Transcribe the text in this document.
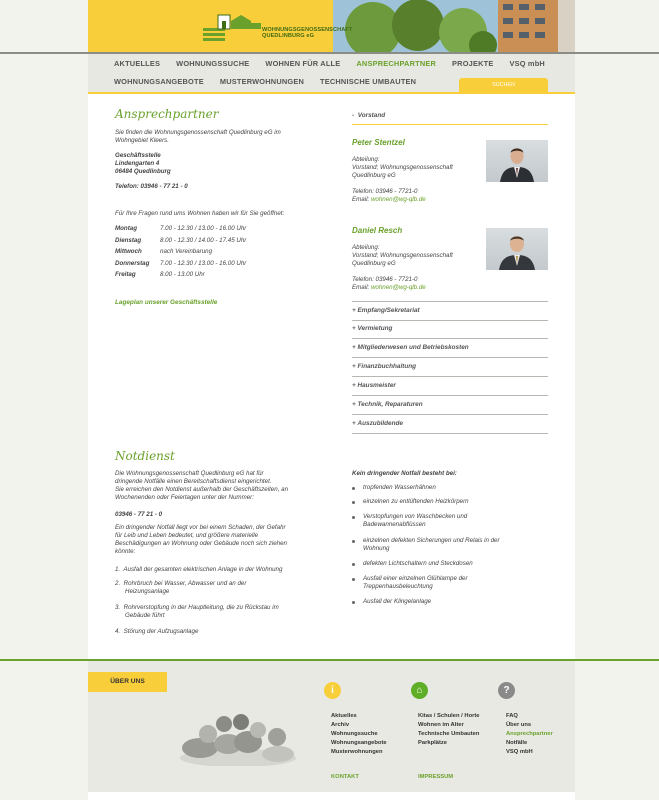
WOHNUNGSGENOSSENSCHAFT
QUEDLINBURG eG
AKTUELLES WOHNUNGSSUCHE WOHNEN FÜR ALLE ANSPRECHPARTNER PROJEKTE VSQ mbH
WOHNUNGSANGEBOTE MUSTERWOHNUNGEN TECHNISCHE UMBAUTEN	SUCHEN
Ansprechpartner
Sie finden die Wohnungsgenossenschaft Quedlinburg eG im Wohngebiet Kleers.
Geschäftsstelle
Lindengarten 4
06484 Quedlinburg
Telefon: 03946 - 77 21 - 0
Für Ihre Fragen rund ums Wohnen haben wir für Sie geöffnet:
Montag	7.00 - 12.30 / 13.00 - 16.00 Uhr
Dienstag	8.00 - 12.30 / 14.00 - 17.45 Uhr
Mittwoch	nach Vereinbarung
Donnerstag	7.00 - 12.30 / 13.00 - 16.00 Uhr
Freitag	8.00 - 13.00 Uhr
Lageplan unserer Geschäftsstelle
-  Vorstand
Peter Stentzel
Abteilung:
Vorstand; Wohnungsgenossenschaft
Quedlinburg eG
Telefon: 03946 - 7721-0
Email: wohnen@wg-qlb.de
Daniel Resch
Abteilung:
Vorstand; Wohnungsgenossenschaft
Quedlinburg eG
Telefon: 03946 - 7721-0
Email: wohnen@wg-qlb.de
+ Empfang/Sekretariat
+ Vermietung
+ Mitgliederwesen und Betriebskosten
+ Finanzbuchhaltung
+ Hausmeister
+ Technik, Reparaturen
+ Auszubildende
Notdienst
Die Wohnungsgenossenschaft Quedlinburg eG hat für
dringende Notfälle einen Bereitschaftsdienst eingerichtet.
Sie erreichen den Notdienst außerhalb der Geschäftszeiten, an
Wochenenden oder Feiertagen unter der Nummer:
03946 - 77 21 - 0
Ein dringender Notfall liegt vor bei einem Schaden, der Gefahr
für Leib und Leben bedeutet, und größere materielle
Beschädigungen an Wohnung oder Gebäude noch sich ziehen
könnte:
1. Ausfall der gesamten elektrischen Anlage in der Wohnung
2. Rohrbruch bei Wasser, Abwasser und an der
Heizungsanlage
3. Rohrverstopfung in der Hauptleitung, die zu Rückstau im
Gebäude führt
4. Störung der Aufzugsanlage
Kein dringender Notfall besteht bei:
tropfenden Wasserhähnen
einzelnen zu entlüftenden Heizkörpern
Verstopfungen von Waschbecken und
Badewannenabflüssen
einzelnen defekten Sicherungen und Relais in der
Wohnung
defekten Lichtschaltern und Steckdosen
Ausfall einer einzelnen Glühlampe der
Treppenhausbeleuchtung
Ausfall der Klingelanlage
ÜBER UNS
i	⌂	?
Aktuelles
Archiv
Wohnungssuche
Wohnungsangebote
Musterwohnungen
Kitas / Schulen / Horte
Wohnen im Alter
Technische Umbauten
Parkplätze
FAQ
Über uns
Ansprechpartner
Notfälle
VSQ mbH
KONTAKT	IMPRESSUM
